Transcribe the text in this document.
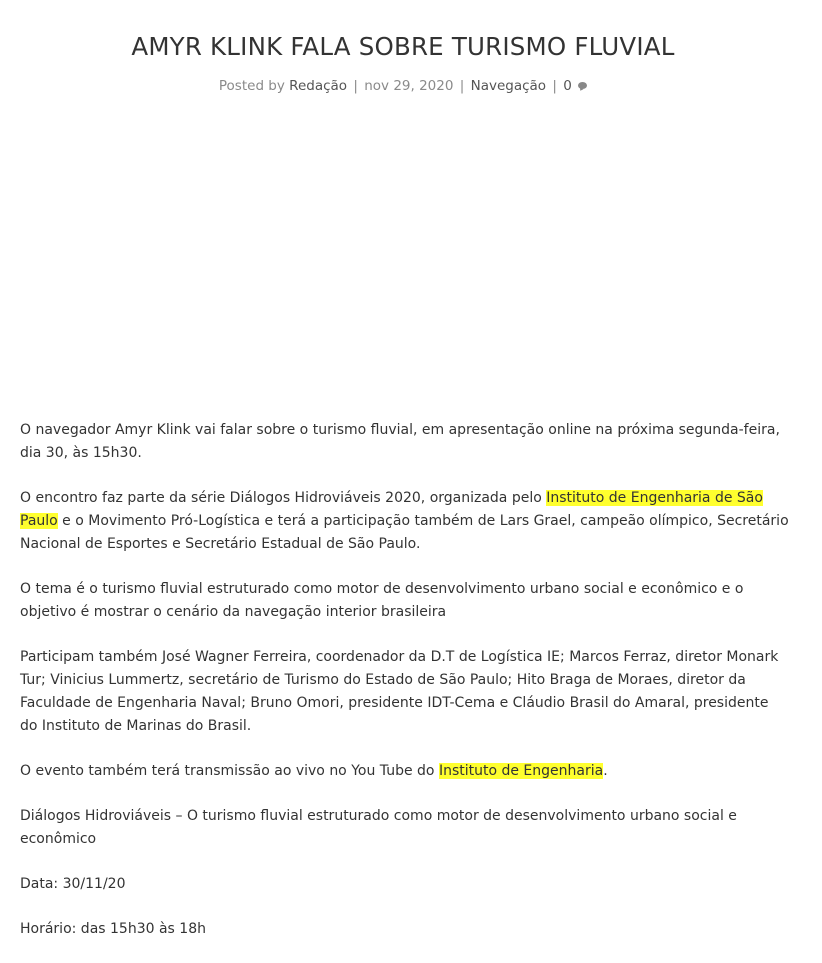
AMYR KLINK FALA SOBRE TURISMO FLUVIAL
Posted by Redação | nov 29, 2020 | Navegação | 0

O navegador Amyr Klink vai falar sobre o turismo fluvial, em apresentação online na próxima segunda-feira, dia 30, às 15h30.

O encontro faz parte da série Diálogos Hidroviáveis 2020, organizada pelo Instituto de Engenharia de São Paulo e o Movimento Pró-Logística e terá a participação também de Lars Grael, campeão olímpico, Secretário Nacional de Esportes e Secretário Estadual de São Paulo.

O tema é o turismo fluvial estruturado como motor de desenvolvimento urbano social e econômico e o objetivo é mostrar o cenário da navegação interior brasileira

Participam também José Wagner Ferreira, coordenador da D.T de Logística IE; Marcos Ferraz, diretor Monark Tur; Vinicius Lummertz, secretário de Turismo do Estado de São Paulo; Hito Braga de Moraes, diretor da Faculdade de Engenharia Naval; Bruno Omori, presidente IDT-Cema e Cláudio Brasil do Amaral, presidente do Instituto de Marinas do Brasil.

O evento também terá transmissão ao vivo no You Tube do Instituto de Engenharia.

Diálogos Hidroviáveis – O turismo fluvial estruturado como motor de desenvolvimento urbano social e econômico

Data: 30/11/20

Horário: das 15h30 às 18h
